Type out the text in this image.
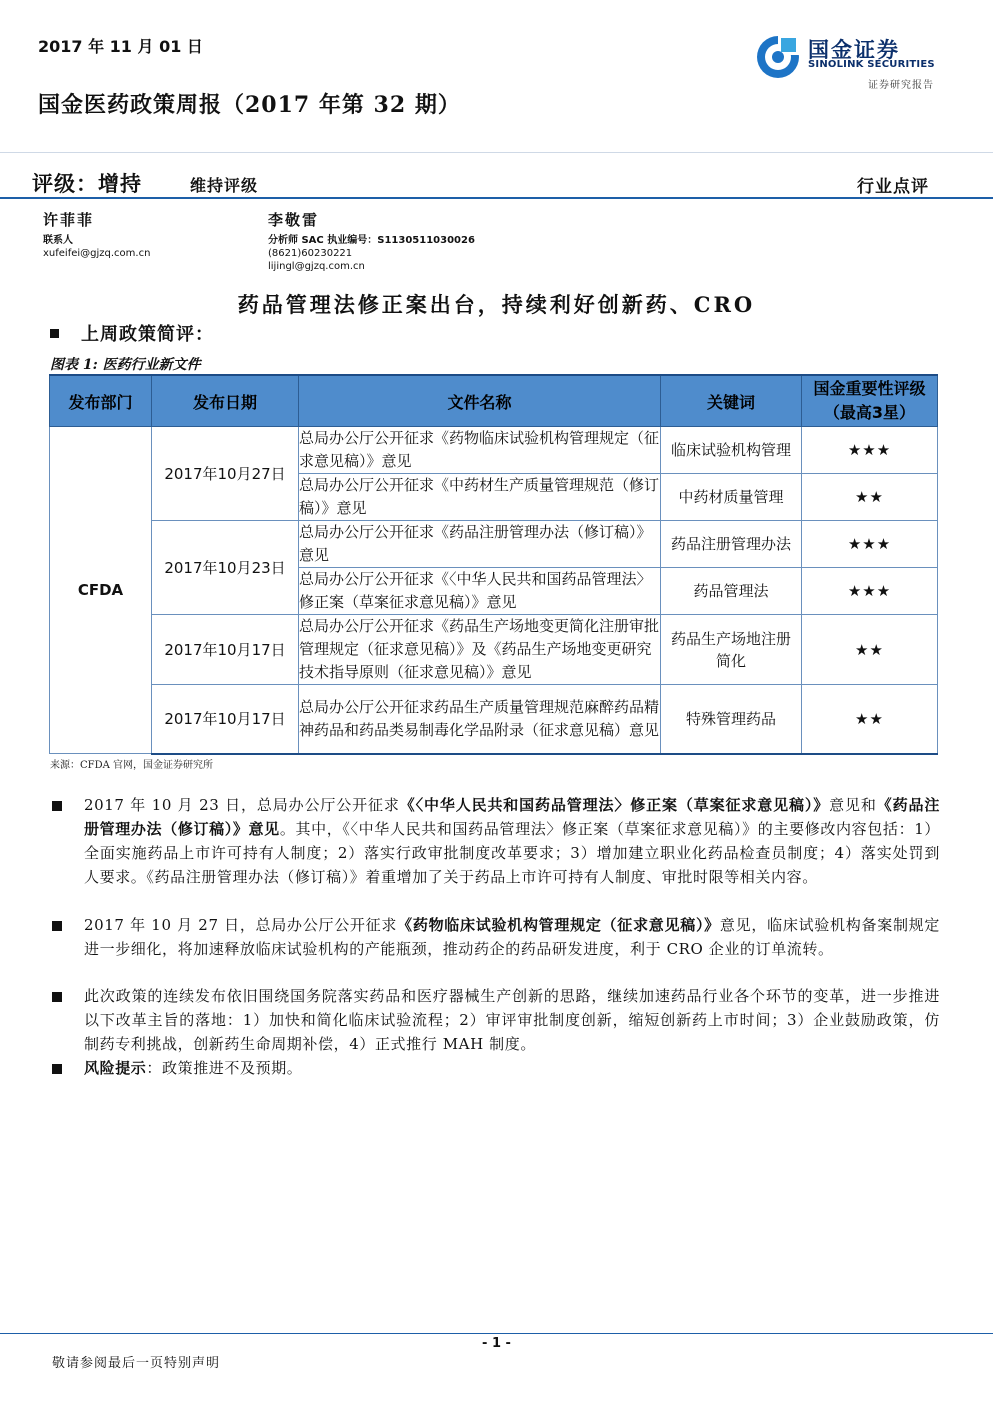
2017 年 11 月 01 日
国金医药政策周报（2017 年第 32 期）
国金证券
SINOLINK SECURITIES
证券研究报告
评级：增持	维持评级	行业点评
许菲菲
联系人
xufeifei@gjzq.com.cn
李敬雷
分析师 SAC 执业编号：S1130511030026
(8621)60230221
lijingl@gjzq.com.cn
药品管理法修正案出台，持续利好创新药、CRO
上周政策简评：
图表 1: 医药行业新文件
发布部门	发布日期	文件名称	关键词	国金重要性评级（最高3星）
CFDA	2017年10月27日	总局办公厅公开征求《药物临床试验机构管理规定（征求意见稿）》意见	临床试验机构管理	★★★
		总局办公厅公开征求《中药材生产质量管理规范（修订稿）》意见	中药材质量管理	★★
	2017年10月23日	总局办公厅公开征求《药品注册管理办法（修订稿）》意见	药品注册管理办法	★★★
		总局办公厅公开征求《〈中华人民共和国药品管理法〉修正案（草案征求意见稿）》意见	药品管理法	★★★
	2017年10月17日	总局办公厅公开征求《药品生产场地变更简化注册审批管理规定（征求意见稿）》及《药品生产场地变更研究技术指导原则（征求意见稿）》意见	药品生产场地注册简化	★★
	2017年10月17日	总局办公厅公开征求药品生产质量管理规范麻醉药品精神药品和药品类易制毒化学品附录（征求意见稿）意见	特殊管理药品	★★
来源：CFDA 官网，国金证券研究所
2017 年 10 月 23 日，总局办公厅公开征求《〈中华人民共和国药品管理法〉修正案（草案征求意见稿）》意见和《药品注册管理办法（修订稿）》意见。其中，《〈中华人民共和国药品管理法〉修正案（草案征求意见稿）》的主要修改内容包括：1）全面实施药品上市许可持有人制度；2）落实行政审批制度改革要求；3）增加建立职业化药品检查员制度；4）落实处罚到人要求。《药品注册管理办法（修订稿）》着重增加了关于药品上市许可持有人制度、审批时限等相关内容。
2017 年 10 月 27 日，总局办公厅公开征求《药物临床试验机构管理规定（征求意见稿）》意见，临床试验机构备案制规定进一步细化，将加速释放临床试验机构的产能瓶颈，推动药企的药品研发进度，利于 CRO 企业的订单流转。
此次政策的连续发布依旧围绕国务院落实药品和医疗器械生产创新的思路，继续加速药品行业各个环节的变革，进一步推进以下改革主旨的落地：1）加快和简化临床试验流程；2）审评审批制度创新，缩短创新药上市时间；3）企业鼓励政策，仿制药专利挑战，创新药生命周期补偿，4）正式推行 MAH 制度。
风险提示：政策推进不及预期。
- 1 -
敬请参阅最后一页特别声明
